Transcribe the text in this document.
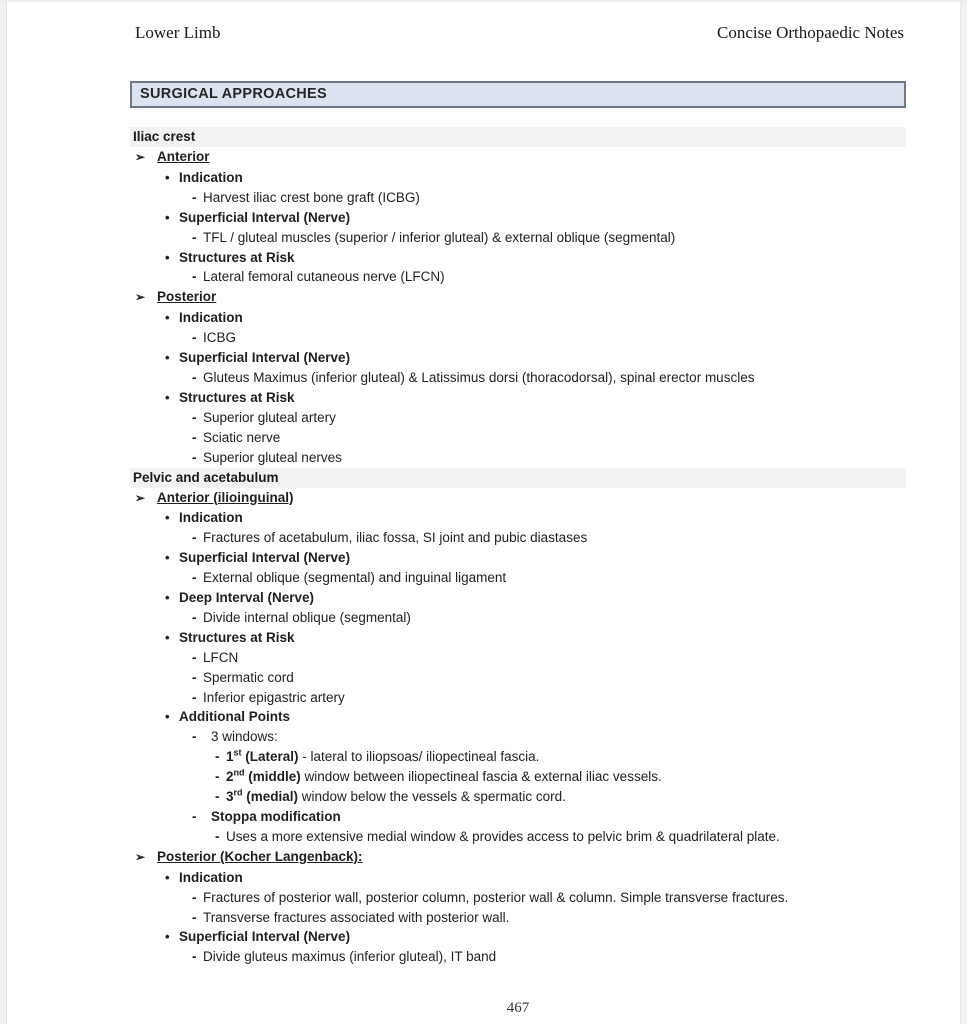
Lower Limb	Concise Orthopaedic Notes
SURGICAL APPROACHES
Iliac crest
➢ Anterior
• Indication
- Harvest iliac crest bone graft (ICBG)
• Superficial Interval (Nerve)
- TFL / gluteal muscles (superior / inferior gluteal) & external oblique (segmental)
• Structures at Risk
- Lateral femoral cutaneous nerve (LFCN)
➢ Posterior
• Indication
- ICBG
• Superficial Interval (Nerve)
- Gluteus Maximus (inferior gluteal) & Latissimus dorsi (thoracodorsal), spinal erector muscles
• Structures at Risk
- Superior gluteal artery
- Sciatic nerve
- Superior gluteal nerves
Pelvic and acetabulum
➢ Anterior (ilioinguinal)
• Indication
- Fractures of acetabulum, iliac fossa, SI joint and pubic diastases
• Superficial Interval (Nerve)
- External oblique (segmental) and inguinal ligament
• Deep Interval (Nerve)
- Divide internal oblique (segmental)
• Structures at Risk
- LFCN
- Spermatic cord
- Inferior epigastric artery
• Additional Points
-	3 windows:
- 1st (Lateral) - lateral to iliopsoas/ iliopectineal fascia.
- 2nd (middle) window between iliopectineal fascia & external iliac vessels.
- 3rd (medial) window below the vessels & spermatic cord.
-	Stoppa modification
- Uses a more extensive medial window & provides access to pelvic brim & quadrilateral plate.
➢ Posterior (Kocher Langenback):
• Indication
- Fractures of posterior wall, posterior column, posterior wall & column. Simple transverse fractures.
- Transverse fractures associated with posterior wall.
• Superficial Interval (Nerve)
- Divide gluteus maximus (inferior gluteal), IT band
467
